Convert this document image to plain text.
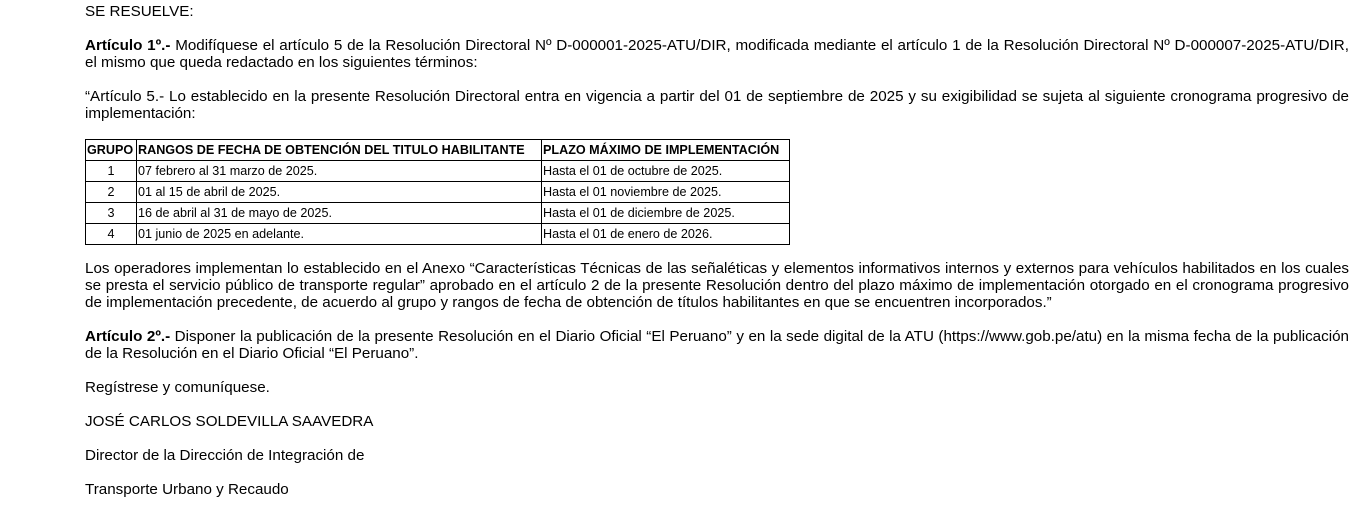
SE RESUELVE:

Artículo 1º.- Modifíquese el artículo 5 de la Resolución Directoral Nº D-000001-2025-ATU/DIR, modificada mediante el artículo 1 de la Resolución Directoral Nº D-000007-2025-ATU/DIR, el mismo que queda redactado en los siguientes términos:

“Artículo 5.- Lo establecido en la presente Resolución Directoral entra en vigencia a partir del 01 de septiembre de 2025 y su exigibilidad se sujeta al siguiente cronograma progresivo de implementación:

GRUPO	RANGOS DE FECHA DE OBTENCIÓN DEL TITULO HABILITANTE	PLAZO MÁXIMO DE IMPLEMENTACIÓN
1	07 febrero al 31 marzo de 2025.	Hasta el 01 de octubre de 2025.
2	01 al 15 de abril de 2025.	Hasta el 01 noviembre de 2025.
3	16 de abril al 31 de mayo de 2025.	Hasta el 01 de diciembre de 2025.
4	01 junio de 2025 en adelante.	Hasta el 01 de enero de 2026.

Los operadores implementan lo establecido en el Anexo “Características Técnicas de las señaléticas y elementos informativos internos y externos para vehículos habilitados en los cuales se presta el servicio público de transporte regular” aprobado en el artículo 2 de la presente Resolución dentro del plazo máximo de implementación otorgado en el cronograma progresivo de implementación precedente, de acuerdo al grupo y rangos de fecha de obtención de títulos habilitantes en que se encuentren incorporados.”

Artículo 2º.- Disponer la publicación de la presente Resolución en el Diario Oficial “El Peruano” y en la sede digital de la ATU (https://www.gob.pe/atu) en la misma fecha de la publicación de la Resolución en el Diario Oficial “El Peruano”.

Regístrese y comuníquese.

JOSÉ CARLOS SOLDEVILLA SAAVEDRA

Director de la Dirección de Integración de

Transporte Urbano y Recaudo
